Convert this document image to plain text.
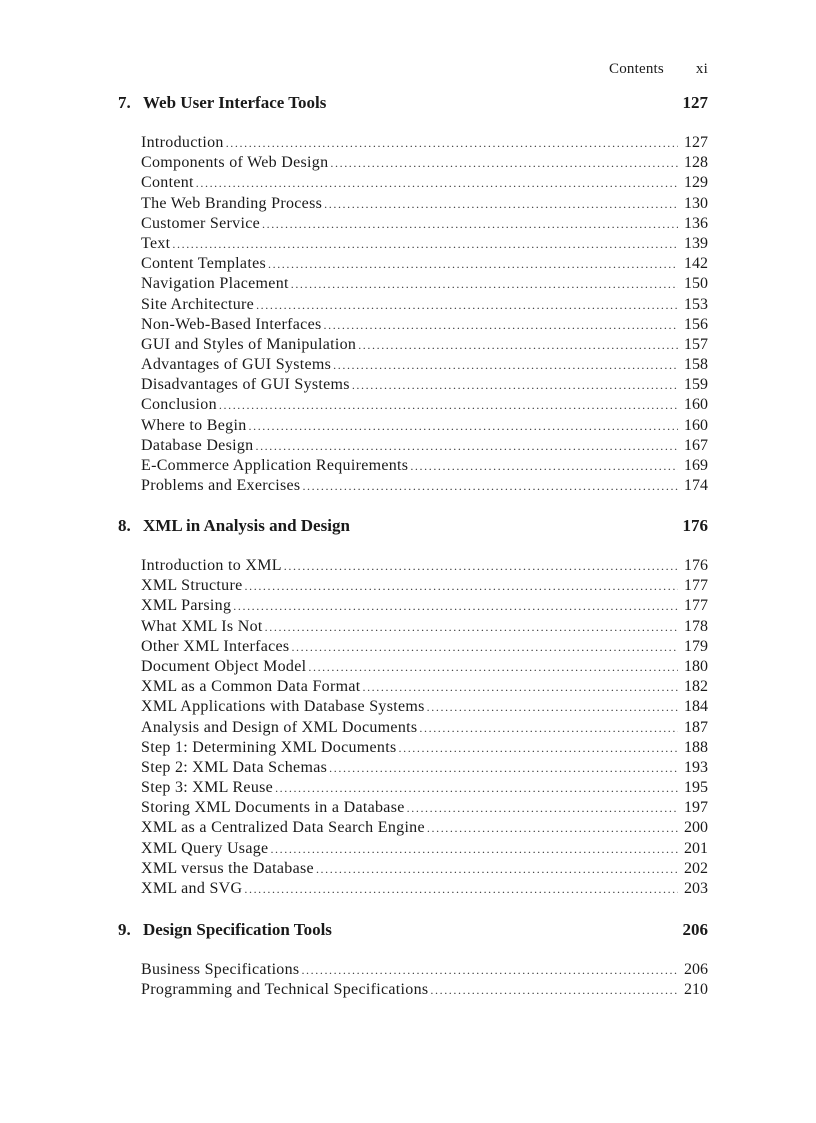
Contents xi
7. Web User Interface Tools	127
Introduction .....	127
Components of Web Design .....	128
Content .....	129
The Web Branding Process .....	130
Customer Service .....	136
Text .....	139
Content Templates .....	142
Navigation Placement .....	150
Site Architecture .....	153
Non-Web-Based Interfaces .....	156
GUI and Styles of Manipulation .....	157
Advantages of GUI Systems .....	158
Disadvantages of GUI Systems .....	159
Conclusion .....	160
Where to Begin .....	160
Database Design .....	167
E-Commerce Application Requirements .....	169
Problems and Exercises .....	174
8. XML in Analysis and Design	176
Introduction to XML .....	176
XML Structure .....	177
XML Parsing .....	177
What XML Is Not .....	178
Other XML Interfaces .....	179
Document Object Model .....	180
XML as a Common Data Format .....	182
XML Applications with Database Systems .....	184
Analysis and Design of XML Documents .....	187
Step 1: Determining XML Documents .....	188
Step 2: XML Data Schemas .....	193
Step 3: XML Reuse .....	195
Storing XML Documents in a Database .....	197
XML as a Centralized Data Search Engine .....	200
XML Query Usage .....	201
XML versus the Database .....	202
XML and SVG .....	203
9. Design Specification Tools	206
Business Specifications .....	206
Programming and Technical Specifications .....	210
